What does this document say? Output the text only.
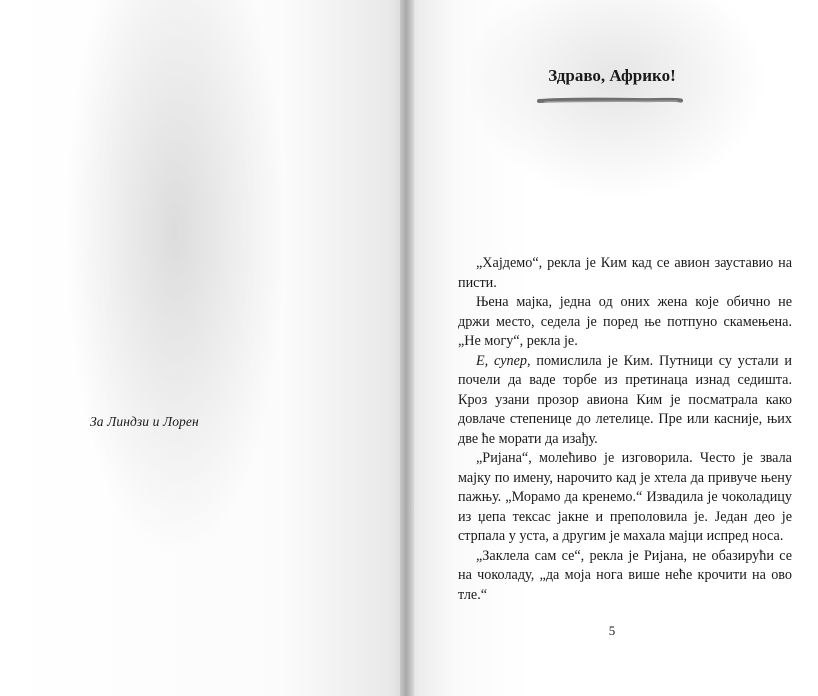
За Линдзи и Лорен
Здраво, Африко!

„Хајдемо“, рекла је Ким кад се авион зауставио на писти.

Њена мајка, једна од оних жена које обично не држи место, седела је поред ње потпуно скамењена. „Не могу“, рекла је.

Е, супер, помислила је Ким. Путници су устали и почели да ваде торбе из претинаца изнад седишта. Кроз узани прозор авиона Ким је посматрала како довлаче степенице до летелице. Пре или касније, њих две ће морати да изађу.

„Ријана“, молећиво је изговорила. Често је звала мајку по имену, нарочито кад је хтела да привуче њену пажњу. „Морамо да кренемо.“ Извадила је чоколадицу из џепа тексас јакне и преполовила је. Један део је стрпала у уста, а другим је махала мајци испред носа.

„Заклела сам се“, рекла је Ријана, не обазирући се на чоколаду, „да моја нога више неће крочити на ово тле.“

5
